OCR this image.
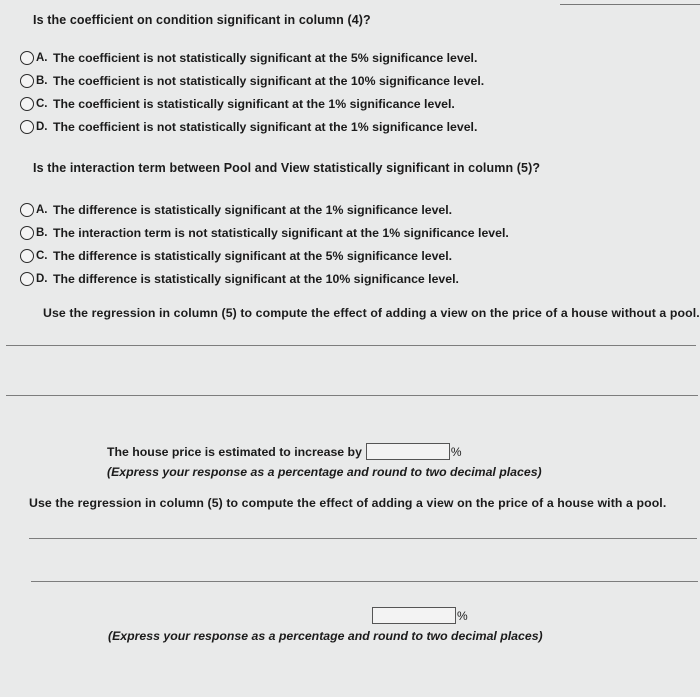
Is the coefficient on condition significant in column (4)?
A. The coefficient is not statistically significant at the 5% significance level.
B. The coefficient is not statistically significant at the 10% significance level.
C. The coefficient is statistically significant at the 1% significance level.
D. The coefficient is not statistically significant at the 1% significance level.
Is the interaction term between Pool and View statistically significant in column (5)?
A. The difference is statistically significant at the 1% significance level.
B. The interaction term is not statistically significant at the 1% significance level.
C. The difference is statistically significant at the 5% significance level.
D. The difference is statistically significant at the 10% significance level.
Use the regression in column (5) to compute the effect of adding a view on the price of a house without a pool.
The house price is estimated to increase by	%
(Express your response as a percentage and round to two decimal places)
Use the regression in column (5) to compute the effect of adding a view on the price of a house with a pool.
%
(Express your response as a percentage and round to two decimal places)
